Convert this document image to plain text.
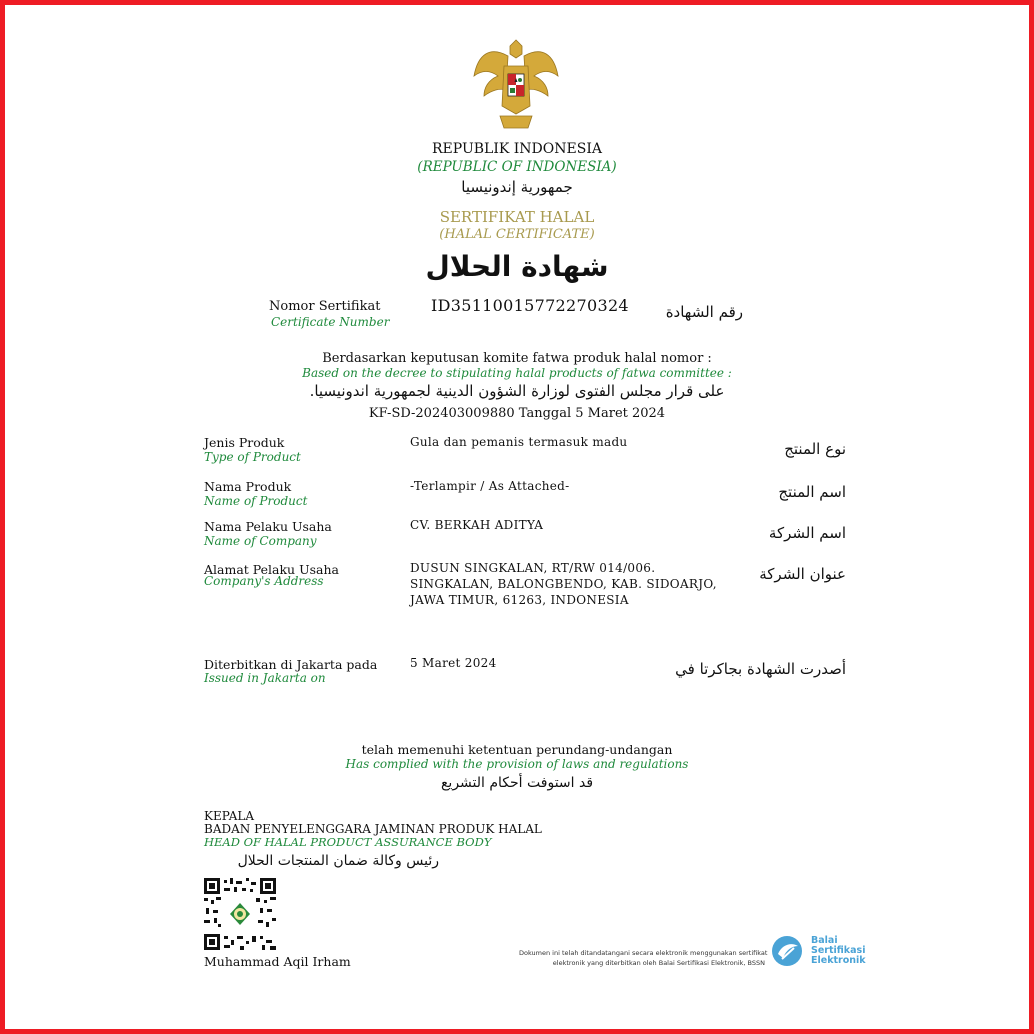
REPUBLIK INDONESIA
(REPUBLIC OF INDONESIA)
جمهورية إندونيسيا
SERTIFIKAT HALAL
(HALAL CERTIFICATE)
شهادة الحلال
Nomor Sertifikat
Certificate Number
ID35110015772270324	رقم الشهادة
Berdasarkan keputusan komite fatwa produk halal nomor :
Based on the decree to stipulating halal products of fatwa committee :
على قرار مجلس الفتوى لوزارة الشؤون الدينية لجمهورية اندونيسيا.
KF-SD-202403009880 Tanggal 5 Maret 2024
Jenis Produk
Type of Product
Gula dan pemanis termasuk madu	نوع المنتج
Nama Produk
Name of Product
-Terlampir / As Attached-	اسم المنتج
Nama Pelaku Usaha
Name of Company
CV. BERKAH ADITYA	اسم الشركة
Alamat Pelaku Usaha
Company's Address
DUSUN SINGKALAN, RT/RW 014/006.
SINGKALAN, BALONGBENDO, KAB. SIDOARJO,
JAWA TIMUR, 61263, INDONESIA
عنوان الشركة
Diterbitkan di Jakarta pada
Issued in Jakarta on
5 Maret 2024	أصدرت الشهادة بجاكرتا في
telah memenuhi ketentuan perundang-undangan
Has complied with the provision of laws and regulations
قد استوفت أحكام التشريع
KEPALA
BADAN PENYELENGGARA JAMINAN PRODUK HALAL
HEAD OF HALAL PRODUCT ASSURANCE BODY
رئيس وكالة ضمان المنتجات الحلال
Muhammad Aqil Irham
Dokumen ini telah ditandatangani secara elektronik menggunakan sertifikat
elektronik yang diterbitkan oleh Balai Sertifikasi Elektronik, BSSN
Balai
Sertifikasi
Elektronik
